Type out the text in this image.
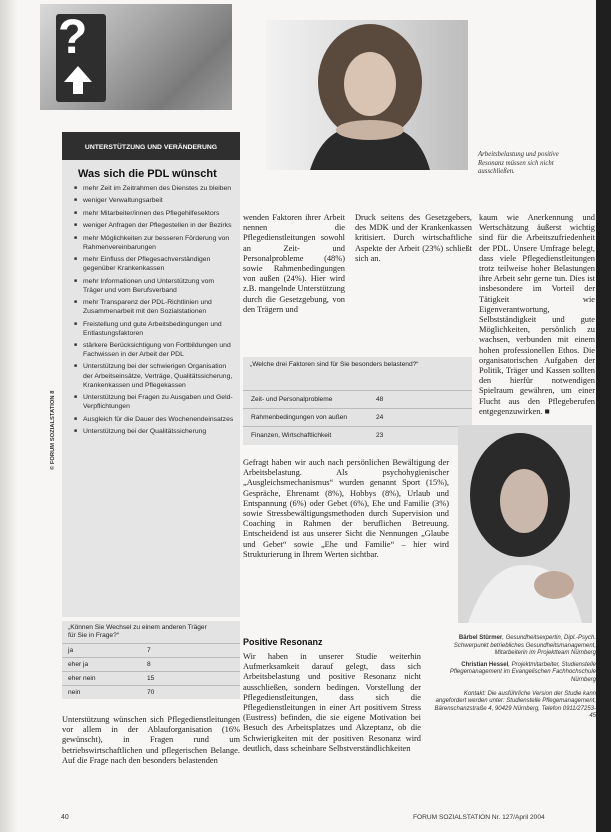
?
Arbeitsbelastung und positive Resonanz müssen sich nicht ausschließen.

UNTERSTÜTZUNG UND VERÄNDERUNG
Was sich die PDL wünscht
■ mehr Zeit im Zeitrahmen des Dienstes zu bleiben
■ weniger Verwaltungsarbeit
■ mehr Mitarbeiter/innen des Pflegehilfesektors
■ weniger Anfragen der Pflegestellen in der Bezirks
■ mehr Möglichkeiten zur besseren Förderung von Rahmenvereinbarungen
■ mehr Einfluss der Pflegesachverständigen gegenüber Krankenkassen
■ mehr Informationen und Unterstützung vom Träger und vom Berufsverband
■ mehr Transparenz der PDL-Richtlinien und Zusammenarbeit mit den Sozialstationen
■ Freistellung und gute Arbeitsbedingungen und Entlastungsfaktoren
■ stärkere Berücksichtigung von Fortbildungen und Fachwissen in der Arbeit der PDL
■ Unterstützung bei der schwierigen Organisation der Arbeitseinsätze, Verträge, Qualitätssicherung, Krankenkassen und Pflegekassen
■ Unterstützung bei Fragen zu Ausgaben und Geld-Verpflichtungen
■ Ausgleich für die Dauer des Wochenendeinsatzes
■ Unterstützung bei der Qualitätssicherung
© FORUM SOZIALSTATION 8
„Können Sie Wechsel zu einem anderen Träger für Sie in Frage?“
ja	7
eher ja	8
eher nein	15
nein	70
wenden Faktoren ihrer Arbeit nennen die Pflegedienstleitungen sowohl an Zeit- und Personalprobleme (48%) sowie Rahmenbedingungen von außen (24%). Hier wird z.B. mangelnde Unterstützung durch die Gesetzgebung, von den Trägern und
Druck seitens des Gesetzgebers, des MDK und der Krankenkassen kritisiert. Durch wirtschaftliche Aspekte der Arbeit (23%) schließt sich an.
kaum wie Anerkennung und Wertschätzung äußerst wichtig sind für die Arbeitszufriedenheit der PDL. Unsere Umfrage belegt, dass viele Pflegedienstleitungen trotz teilweise hoher Belastungen ihre Arbeit sehr gerne tun. Dies ist insbesondere im Vorteil der Tätigkeit wie Eigenverantwortung, Selbstständigkeit und gute Möglichkeiten, persönlich zu wachsen, verbunden mit einem hohen professionellen Ethos. Die organisatorischen Aufgaben der Politik, Träger und Kassen sollten den hierfür notwendigen Spielraum gewähren, um einer Flucht aus den Pflegeberufen entgegenzuwirken. ■
„Welche drei Faktoren sind für Sie besonders belastend?“
Zeit- und Personalprobleme	48
Rahmenbedingungen von außen	24
Finanzen, Wirtschaftlichkeit	23
Gefragt haben wir auch nach persönlichen Bewältigung der Arbeitsbelastung. Als psychohygienischer „Ausgleichsmechanismus“ wurden genannt Sport (15%), Gespräche, Ehrenamt (8%), Hobbys (8%), Urlaub und Entspannung (6%) oder Gebet (6%), Ehe und Familie (3%) sowie Stressbewältigungsmethoden durch Supervision und Coaching in Rahmen der beruflichen Betreuung. Entscheidend ist aus unserer Sicht die Nennungen „Glaube und Gebet“ sowie „Ehe und Familie“ – hier wird Strukturierung in Ihrem Werten sichtbar.
Positive Resonanz
Wir haben in unserer Studie weiterhin Aufmerksamkeit darauf gelegt, dass sich Arbeitsbelastung und positive Resonanz nicht ausschließen, sondern bedingen. Vorstellung der Pflegedienstleitungen, dass sich die Pflegedienstleitungen in einer Art positivem Stress (Eustress) befinden, die sie eigene Motivation bei Besuch des Arbeitsplatzes und Akzeptanz, ob die Schwierigkeiten mit der positiven Resonanz wird deutlich, dass scheinbare Selbstverständlichkeiten
Unterstützung wünschen sich Pflegedienstleitungen vor allem in der Ablauforganisation (16% gewünscht), in Fragen rund um betriebswirtschaftlichen und pflegerischen Belange. Auf die Frage nach den besonders belastenden
Bärbel Stürmer, Gesundheitsexpertin, Dipl.-Psych. Schwerpunkt betriebliches Gesundheitsmanagement, Mitarbeiterin im Projektteam Nürnberg
Christian Hessel, Projektmitarbeiter, Studienstelle Pflegemanagement im Evangelischen Fachhochschule Nürnberg
Kontakt: Die ausführliche Version der Studie kann angefordert werden unter: Studienstelle Pflegemanagement, Bärenschanzstraße 4, 90429 Nürnberg, Telefon 0911/27253-45
40	FORUM SOZIALSTATION Nr. 127/April 2004
